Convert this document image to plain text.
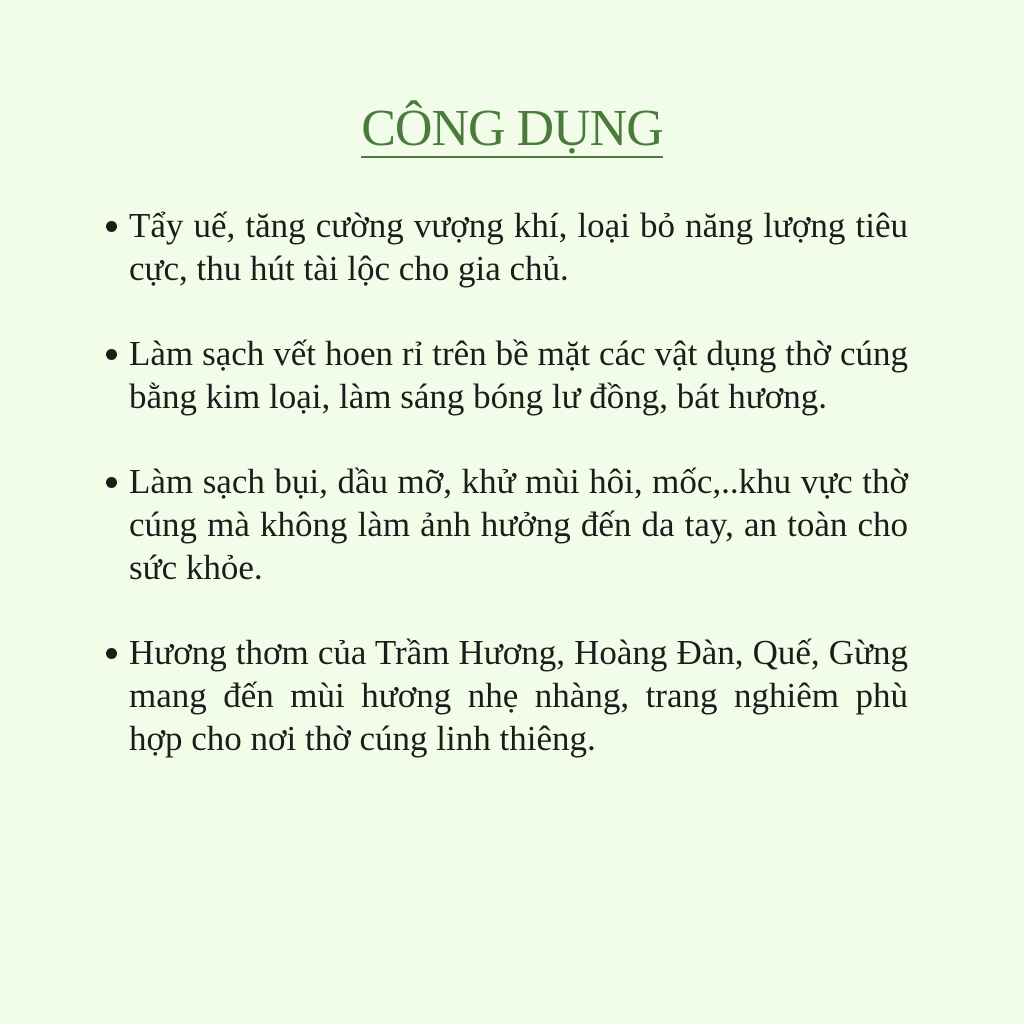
CÔNG DỤNG
Tẩy uế, tăng cường vượng khí, loại bỏ năng lượng tiêu cực, thu hút tài lộc cho gia chủ.
Làm sạch vết hoen rỉ trên bề mặt các vật dụng thờ cúng bằng kim loại, làm sáng bóng lư đồng, bát hương.
Làm sạch bụi, dầu mỡ, khử mùi hôi, mốc,..khu vực thờ cúng mà không làm ảnh hưởng đến da tay, an toàn cho sức khỏe.
Hương thơm của Trầm Hương, Hoàng Đàn, Quế, Gừng mang đến mùi hương nhẹ nhàng, trang nghiêm phù hợp cho nơi thờ cúng linh thiêng.
